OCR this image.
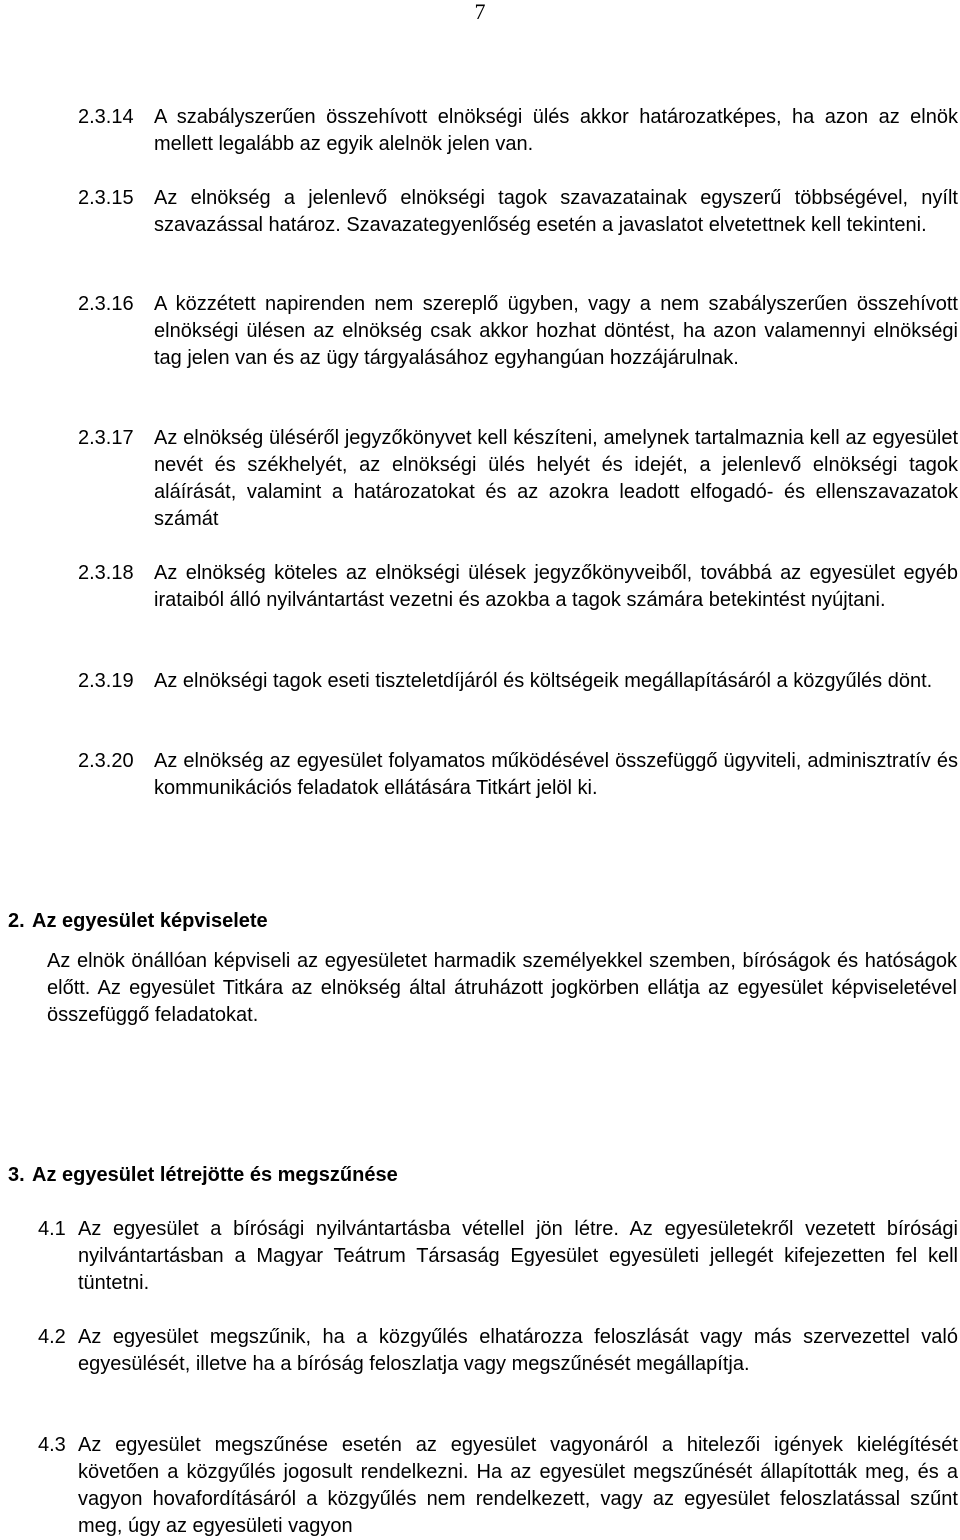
7
2.3.14 A szabályszerűen összehívott elnökségi ülés akkor határozatképes, ha azon az elnök mellett legalább az egyik alelnök jelen van.
2.3.15 Az elnökség a jelenlevő elnökségi tagok szavazatainak egyszerű többségével, nyílt szavazással határoz. Szavazategyenlőség esetén a javaslatot elvetettnek kell tekinteni.
2.3.16 A közzétett napirenden nem szereplő ügyben, vagy a nem szabályszerűen összehívott elnökségi ülésen az elnökség csak akkor hozhat döntést, ha azon valamennyi elnökségi tag jelen van és az ügy tárgyalásához egyhangúan hozzájárulnak.
2.3.17 Az elnökség üléséről jegyzőkönyvet kell készíteni, amelynek tartalmaznia kell az egyesület nevét és székhelyét, az elnökségi ülés helyét és idejét, a jelenlevő elnökségi tagok aláírását, valamint a határozatokat és az azokra leadott elfogadó- és ellenszavazatok számát
2.3.18 Az elnökség köteles az elnökségi ülések jegyzőkönyveiből, továbbá az egyesület egyéb irataiból álló nyilvántartást vezetni és azokba a tagok számára betekintést nyújtani.
2.3.19 Az elnökségi tagok eseti tiszteletdíjáról és költségeik megállapításáról a közgyűlés dönt.
2.3.20 Az elnökség az egyesület folyamatos működésével összefüggő ügyviteli, adminisztratív és kommunikációs feladatok ellátására Titkárt jelöl ki.
2. Az egyesület képviselete
Az elnök önállóan képviseli az egyesületet harmadik személyekkel szemben, bíróságok és hatóságok előtt. Az egyesület Titkára az elnökség által átruházott jogkörben ellátja az egyesület képviseletével összefüggő feladatokat.
3. Az egyesület létrejötte és megszűnése
4.1 Az egyesület a bírósági nyilvántartásba vétellel jön létre. Az egyesületekről vezetett bírósági nyilvántartásban a Magyar Teátrum Társaság Egyesület egyesületi jellegét kifejezetten fel kell tüntetni.
4.2 Az egyesület megszűnik, ha a közgyűlés elhatározza feloszlását vagy más szervezettel való egyesülését, illetve ha a bíróság feloszlatja vagy megszűnését megállapítja.
4.3 Az egyesület megszűnése esetén az egyesület vagyonáról a hitelezői igények kielégítését követően a közgyűlés jogosult rendelkezni. Ha az egyesület megszűnését állapították meg, és a vagyon hovafordításáról a közgyűlés nem rendelkezett, vagy az egyesület feloszlatással szűnt meg, úgy az egyesületi vagyon
